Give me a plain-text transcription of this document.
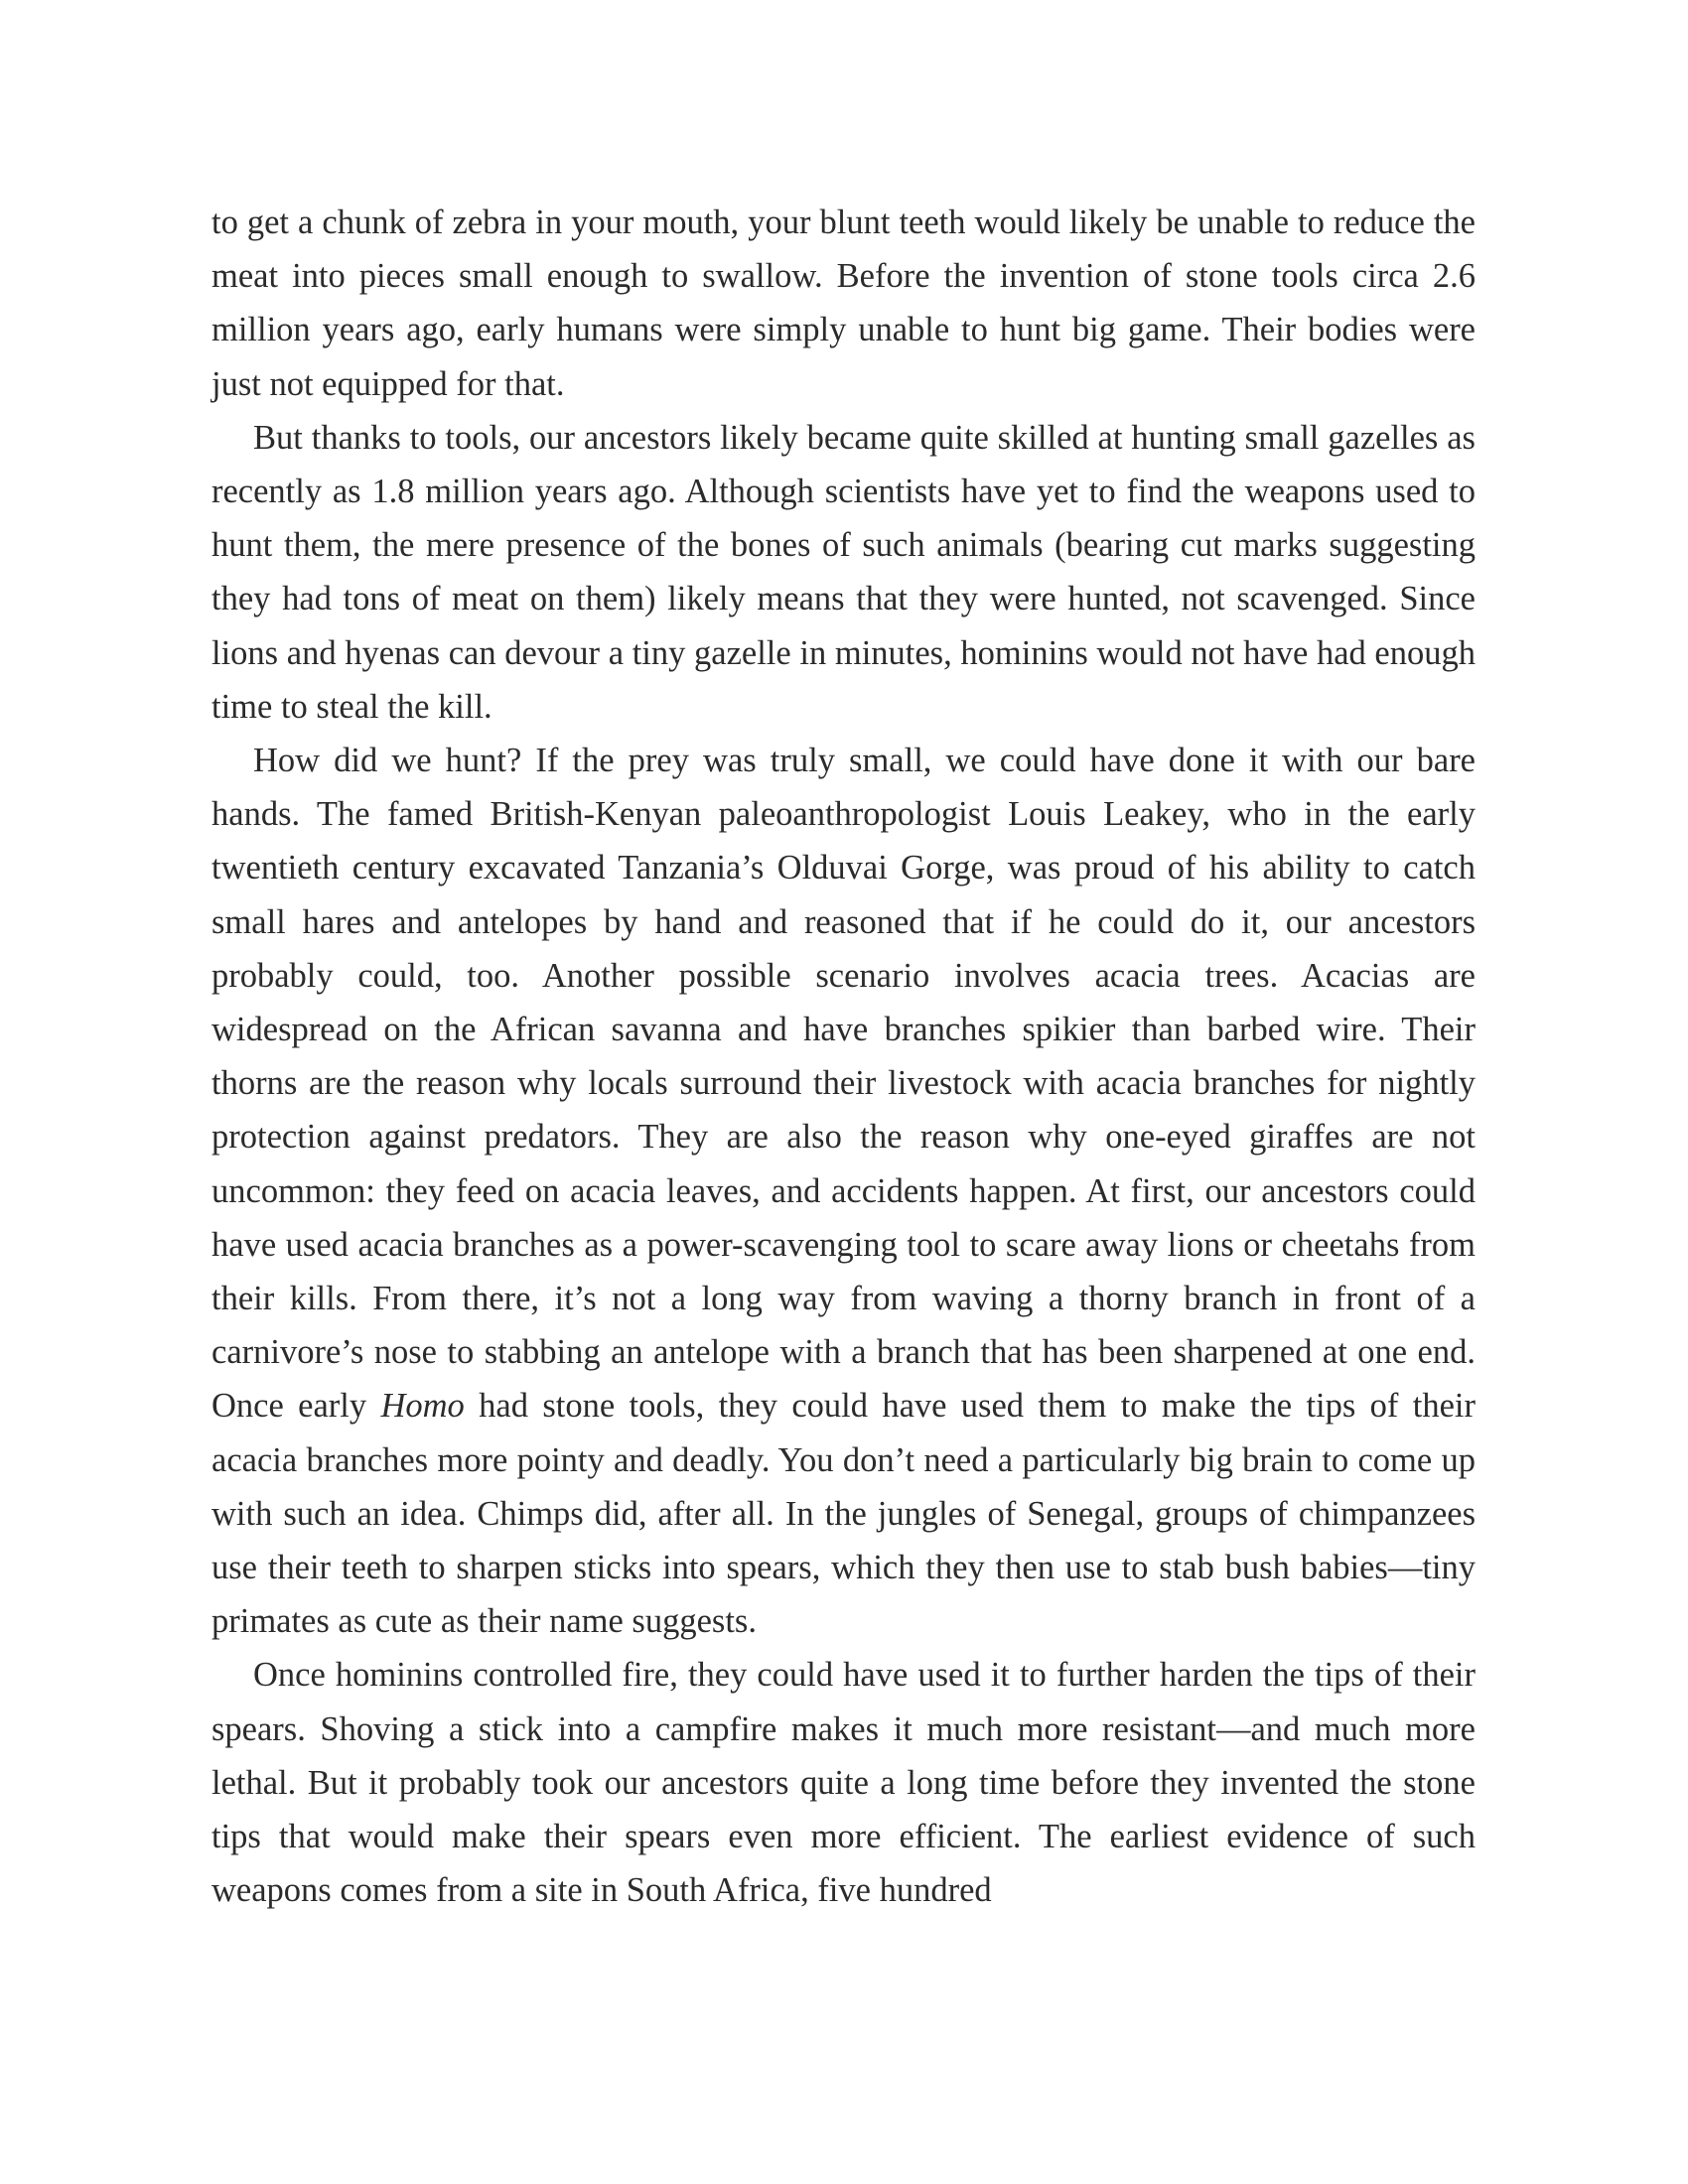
to get a chunk of zebra in your mouth, your blunt teeth would likely be unable to reduce the meat into pieces small enough to swallow. Before the invention of stone tools circa 2.6 million years ago, early humans were simply unable to hunt big game. Their bodies were just not equipped for that.

But thanks to tools, our ancestors likely became quite skilled at hunting small gazelles as recently as 1.8 million years ago. Although scientists have yet to find the weapons used to hunt them, the mere presence of the bones of such animals (bearing cut marks suggesting they had tons of meat on them) likely means that they were hunted, not scavenged. Since lions and hyenas can devour a tiny gazelle in minutes, hominins would not have had enough time to steal the kill.

How did we hunt? If the prey was truly small, we could have done it with our bare hands. The famed British-Kenyan paleoanthropologist Louis Leakey, who in the early twentieth century excavated Tanzania’s Olduvai Gorge, was proud of his ability to catch small hares and antelopes by hand and reasoned that if he could do it, our ancestors probably could, too. Another possible scenario involves acacia trees. Acacias are widespread on the African savanna and have branches spikier than barbed wire. Their thorns are the reason why locals surround their livestock with acacia branches for nightly protection against predators. They are also the reason why one-eyed giraffes are not uncommon: they feed on acacia leaves, and accidents happen. At first, our ancestors could have used acacia branches as a power-scavenging tool to scare away lions or cheetahs from their kills. From there, it’s not a long way from waving a thorny branch in front of a carnivore’s nose to stabbing an antelope with a branch that has been sharpened at one end. Once early Homo had stone tools, they could have used them to make the tips of their acacia branches more pointy and deadly. You don’t need a particularly big brain to come up with such an idea. Chimps did, after all. In the jungles of Senegal, groups of chimpanzees use their teeth to sharpen sticks into spears, which they then use to stab bush babies—tiny primates as cute as their name suggests.

Once hominins controlled fire, they could have used it to further harden the tips of their spears. Shoving a stick into a campfire makes it much more resistant—and much more lethal. But it probably took our ancestors quite a long time before they invented the stone tips that would make their spears even more efficient. The earliest evidence of such weapons comes from a site in South Africa, five hundred
